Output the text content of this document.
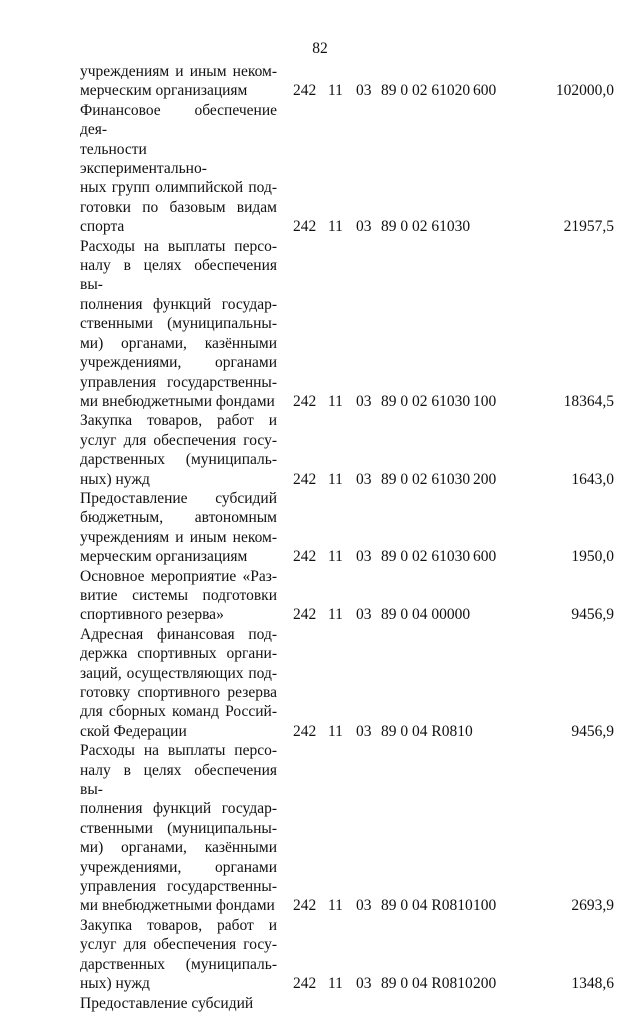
82
учреждениям и иным неком-
мерческим организациям	242 11 03 89 0 02 61020 600	102000,0
Финансовое обеспечение дея-
тельности экспериментально-
ных групп олимпийской под-
готовки по базовым видам
спорта	242 11 03 89 0 02 61030	21957,5
Расходы на выплаты персо-
налу в целях обеспечения вы-
полнения функций государ-
ственными (муниципальны-
ми) органами, казёнными
учреждениями, органами
управления государственны-
ми внебюджетными фондами 242 11 03 89 0 02 61030 100	18364,5
Закупка товаров, работ и
услуг для обеспечения госу-
дарственных (муниципаль-
ных) нужд	242 11 03 89 0 02 61030 200	1643,0
Предоставление субсидий
бюджетным, автономным
учреждениям и иным неком-
мерческим организациям	242 11 03 89 0 02 61030 600	1950,0
Основное мероприятие «Раз-
витие системы подготовки
спортивного резерва»	242 11 03 89 0 04 00000	9456,9
Адресная финансовая под-
держка спортивных органи-
заций, осуществляющих под-
готовку спортивного резерва
для сборных команд Россий-
ской Федерации	242 11 03 89 0 04 R0810	9456,9
Расходы на выплаты персо-
налу в целях обеспечения вы-
полнения функций государ-
ственными (муниципальны-
ми) органами, казёнными
учреждениями, органами
управления государственны-
ми внебюджетными фондами 242 11 03 89 0 04 R0810 100	2693,9
Закупка товаров, работ и
услуг для обеспечения госу-
дарственных (муниципаль-
ных) нужд	242 11 03 89 0 04 R0810 200	1348,6
Предоставление субсидий
